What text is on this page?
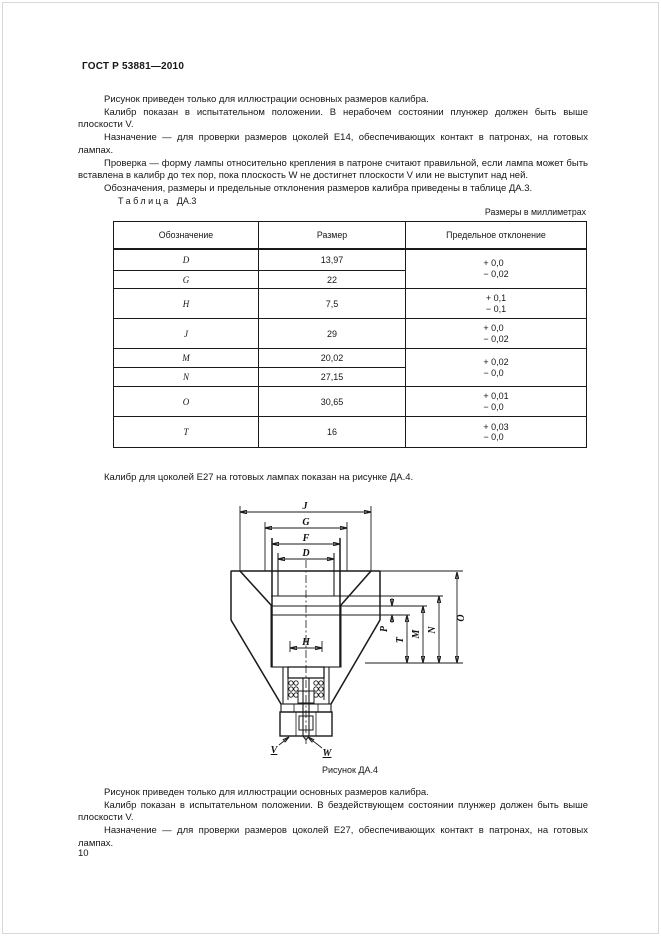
ГОСТ Р 53881—2010

Рисунок приведен только для иллюстрации основных размеров калибра.

Калибр показан в испытательном положении. В нерабочем состоянии плунжер должен быть выше плоскости V.

Назначение — для проверки размеров цоколей Е14, обеспечивающих контакт в патронах, на готовых лампах.

Проверка — форму лампы относительно крепления в патроне считают правильной, если лампа может быть вставлена в калибр до тех пор, пока плоскость W не достигнет плоскости V или не выступит над ней.

Обозначения, размеры и предельные отклонения размеров калибра приведены в таблице ДА.3.

Таблица ДА.3
Размеры в миллиметрах
Обозначение	Размер	Предельное отклонение
D	13,97	+ 0,0
− 0,02

G	22	
H	7,5	+ 0,1
− 0,1

J	29	+ 0,0
− 0,02

M	20,02	+ 0,02
− 0,0

N	27,15	
O	30,65	+ 0,01
− 0,0

T	16	+ 0,03
− 0,0

Калибр для цоколей Е27 на готовых лампах показан на рисунке ДА.4.

J
G
F
D
H
P
T
M N
O
V	W
Рисунок ДА.4

Рисунок приведен только для иллюстрации основных размеров калибра.

Калибр показан в испытательном положении. В бездействующем состоянии плунжер должен быть выше плоскости V.

Назначение — для проверки размеров цоколей Е27, обеспечивающих контакт в патронах, на готовых лампах.

10
